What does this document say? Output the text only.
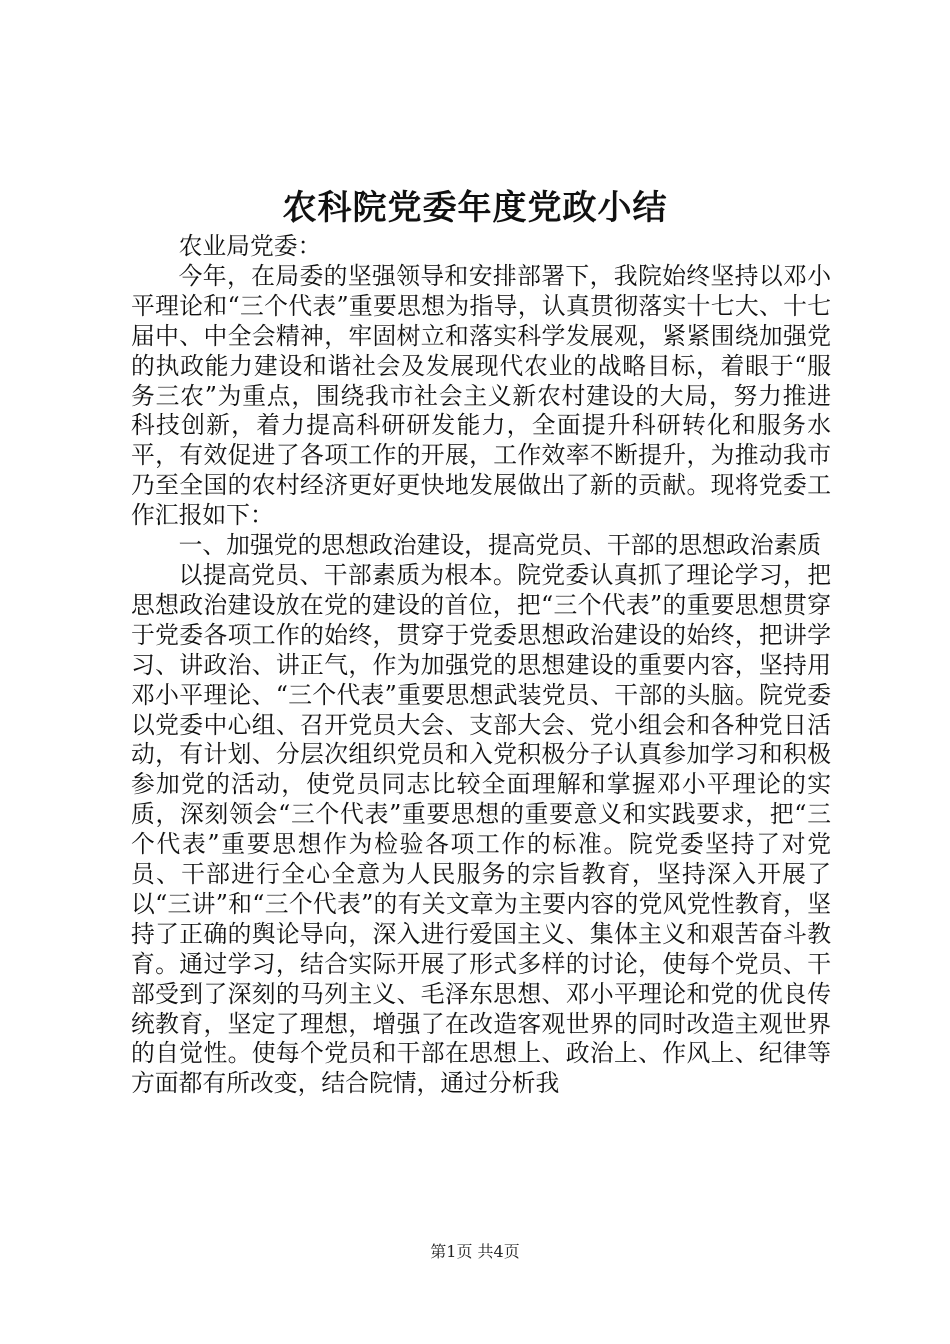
农科院党委年度党政小结

农业局党委：

今年，在局委的坚强领导和安排部署下，我院始终坚持以邓小平理论和“三个代表”重要思想为指导，认真贯彻落实十七大、十七届中、中全会精神，牢固树立和落实科学发展观，紧紧围绕加强党的执政能力建设和谐社会及发展现代农业的战略目标，着眼于“服务三农”为重点，围绕我市社会主义新农村建设的大局，努力推进科技创新，着力提高科研研发能力，全面提升科研转化和服务水平，有效促进了各项工作的开展，工作效率不断提升，为推动我市乃至全国的农村经济更好更快地发展做出了新的贡献。现将党委工作汇报如下：

一、加强党的思想政治建设，提高党员、干部的思想政治素质

以提高党员、干部素质为根本。院党委认真抓了理论学习，把思想政治建设放在党的建设的首位，把“三个代表”的重要思想贯穿于党委各项工作的始终，贯穿于党委思想政治建设的始终，把讲学习、讲政治、讲正气，作为加强党的思想建设的重要内容，坚持用邓小平理论、“三个代表”重要思想武装党员、干部的头脑。院党委以党委中心组、召开党员大会、支部大会、党小组会和各种党日活动，有计划、分层次组织党员和入党积极分子认真参加学习和积极参加党的活动，使党员同志比较全面理解和掌握邓小平理论的实质，深刻领会“三个代表”重要思想的重要意义和实践要求，把“三个代表”重要思想作为检验各项工作的标准。院党委坚持了对党员、干部进行全心全意为人民服务的宗旨教育，坚持深入开展了以“三讲”和“三个代表”的有关文章为主要内容的党风党性教育，坚持了正确的舆论导向，深入进行爱国主义、集体主义和艰苦奋斗教育。通过学习，结合实际开展了形式多样的讨论，使每个党员、干部受到了深刻的马列主义、毛泽东思想、邓小平理论和党的优良传统教育，坚定了理想，增强了在改造客观世界的同时改造主观世界的自觉性。使每个党员和干部在思想上、政治上、作风上、纪律等方面都有所改变，结合院情，通过分析我

第1页 共4页
